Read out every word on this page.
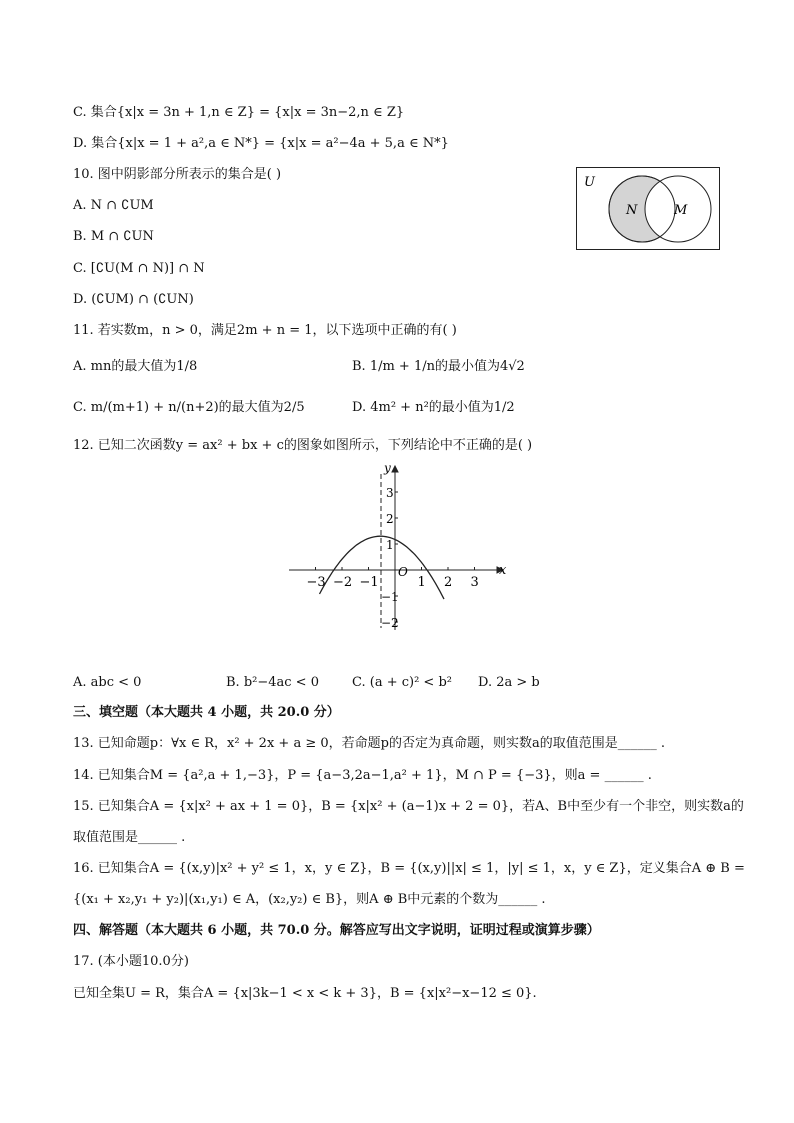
C. 集合{x|x = 3n + 1,n ∈ Z} = {x|x = 3n−2,n ∈ Z}
D. 集合{x|x = 1 + a²,a ∈ N*} = {x|x = a²−4a + 5,a ∈ N*}
10. 图中阴影部分所表示的集合是( )
A. N ∩ ∁UM
B. M ∩ ∁UN
C. [∁U(M ∩ N)] ∩ N
D. (∁UM) ∩ (∁UN)
U
N	M
11. 若实数m，n > 0，满足2m + n = 1，以下选项中正确的有( )
A. mn的最大值为1/8	B. 1/m + 1/n的最小值为4√2
C. m/(m+1) + n/(n+2)的最大值为2/5	D. 4m² + n²的最小值为1/2
12. 已知二次函数y = ax² + bx + c的图象如图所示，下列结论中不正确的是( )
−3 −2 −1	1 2 3
3
2
1
−1
−2
x
y
O
A. abc < 0	B. b²−4ac < 0	C. (a + c)² < b² D. 2a > b
三、填空题（本大题共 4 小题，共 20.0 分）
13. 已知命题p：∀x ∈ R，x² + 2x + a ≥ 0，若命题p的否定为真命题，则实数a的取值范围是______ .
14. 已知集合M = {a²,a + 1,−3}，P = {a−3,2a−1,a² + 1}，M ∩ P = {−3}，则a = ______ .
15. 已知集合A = {x|x² + ax + 1 = 0}，B = {x|x² + (a−1)x + 2 = 0}，若A、B中至少有一个非空，则实数a的
取值范围是______ .
16. 已知集合A = {(x,y)|x² + y² ≤ 1，x，y ∈ Z}，B = {(x,y)||x| ≤ 1，|y| ≤ 1，x，y ∈ Z}，定义集合A ⊕ B =
{(x₁ + x₂,y₁ + y₂)|(x₁,y₁) ∈ A，(x₂,y₂) ∈ B}，则A ⊕ B中元素的个数为______ .
四、解答题（本大题共 6 小题，共 70.0 分。解答应写出文字说明，证明过程或演算步骤）
17. (本小题10.0分)
已知全集U = R，集合A = {x|3k−1 < x < k + 3}，B = {x|x²−x−12 ≤ 0}.
